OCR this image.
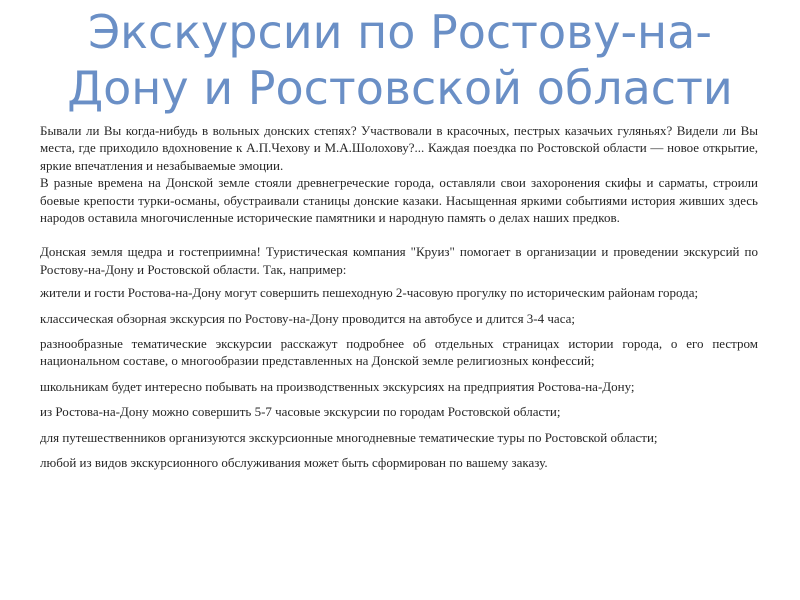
Экскурсии по Ростову-на-
Дону и Ростовской области

Бывали ли Вы когда-нибудь в вольных донских степях? Участвовали в красочных, пестрых казачьих гуляньях? Видели ли Вы места, где приходило вдохновение к А.П.Чехову и М.А.Шолохову?... Каждая поездка по Ростовской области — новое открытие, яркие впечатления и незабываемые эмоции.

В разные времена на Донской земле стояли древнегреческие города, оставляли свои захоронения скифы и сарматы, строили боевые крепости турки-османы, обустраивали станицы донские казаки. Насыщенная яркими событиями история живших здесь народов оставила многочисленные исторические памятники и народную память о делах наших предков.

Донская земля щедра и гостеприимна! Туристическая компания "Круиз" помогает в организации и проведении экскурсий по Ростову-на-Дону и Ростовской области. Так, например:

жители и гости Ростова-на-Дону могут совершить пешеходную 2-часовую прогулку по историческим районам города;

классическая обзорная экскурсия по Ростову-на-Дону проводится на автобусе и длится 3-4 часа;

разнообразные тематические экскурсии расскажут подробнее об отдельных страницах истории города, о его пестром национальном составе, о многообразии представленных на Донской земле религиозных конфессий;

школьникам будет интересно побывать на производственных экскурсиях на предприятия Ростова-на-Дону;

из Ростова-на-Дону можно совершить 5-7 часовые экскурсии по городам Ростовской области;

для путешественников организуются экскурсионные многодневные тематические туры по Ростовской области;

любой из видов экскурсионного обслуживания может быть сформирован по вашему заказу.
